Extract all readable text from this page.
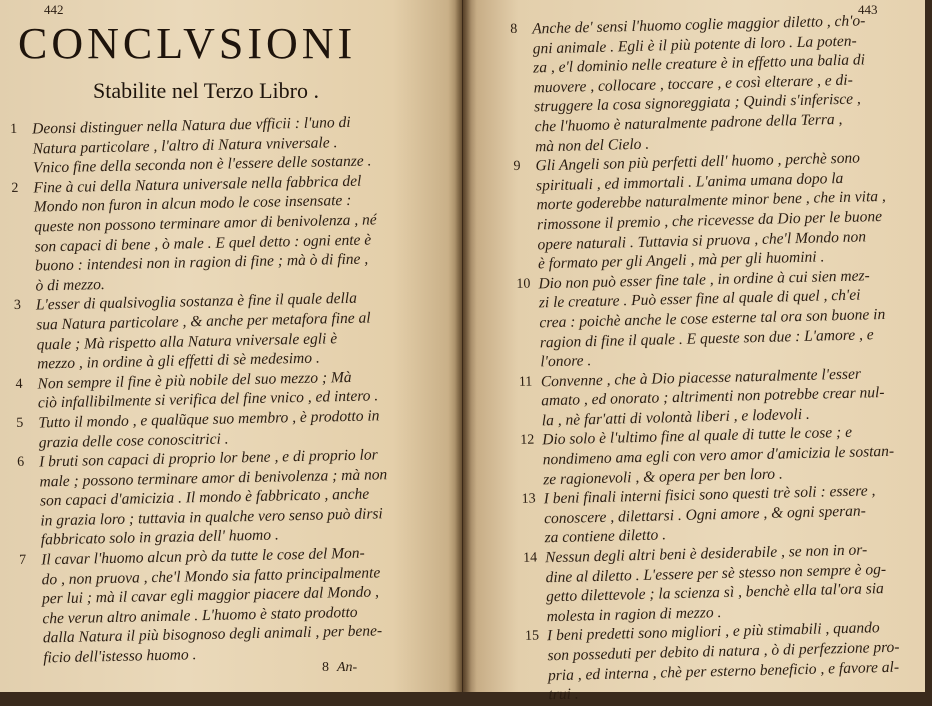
442
CONCLVSIONI
Stabilite nel Terzo Libro .
1 Deonsi distinguer nella Natura due vfficii : l'uno di
Natura particolare , l'altro di Natura vniversale .
Vnico fine della seconda non è l'essere delle sostanze .
2 Fine à cui della Natura universale nella fabbrica del
Mondo non furon in alcun modo le cose insensate :
queste non possono terminare amor di benivolenza , né
son capaci di bene , ò male . E quel detto : ogni ente è
buono : intendesi non in ragion di fine ; mà ò di fine ,
ò di mezzo.
3 L'esser di qualsivoglia sostanza è fine il quale della
sua Natura particolare , & anche per metafora fine al
quale ; Mà rispetto alla Natura vniversale egli è
mezzo , in ordine à gli effetti di sè medesimo .
4 Non sempre il fine è più nobile del suo mezzo ; Mà
ciò infallibilmente si verifica del fine vnico , ed intero .
5 Tutto il mondo , e qualũque suo membro , è prodotto in
grazia delle cose conoscitrici .
6 I bruti son capaci di proprio lor bene , e di proprio lor
male ; possono terminare amor di benivolenza ; mà non
son capaci d'amicizia . Il mondo è fabbricato , anche
in grazia loro ; tuttavia in qualche vero senso può dirsi
fabbricato solo in grazia dell' huomo .
7 Il cavar l'huomo alcun prò da tutte le cose del Mon-
do , non pruova , che'l Mondo sia fatto principalmente
per lui ; mà il cavar egli maggior piacere dal Mondo ,
che verun altro animale . L'huomo è stato prodotto
dalla Natura il più bisognoso degli animali , per bene-
ficio dell'istesso huomo .
8 An-
443
8 Anche de' sensi l'huomo coglie maggior diletto , ch'o-
gni animale . Egli è il più potente di loro . La poten-
za , e'l dominio nelle creature è in effetto una balia di
muovere , collocare , toccare , e così elterare , e di-
struggere la cosa signoreggiata ; Quindi s'inferisce ,
che l'huomo è naturalmente padrone della Terra ,
mà non del Cielo .
9 Gli Angeli son più perfetti dell' huomo , perchè sono
spirituali , ed immortali . L'anima umana dopo la
morte goderebbe naturalmente minor bene , che in vita ,
rimossone il premio , che ricevesse da Dio per le buone
opere naturali . Tuttavia si pruova , che'l Mondo non
è formato per gli Angeli , mà per gli huomini .
10 Dio non può esser fine tale , in ordine à cui sien mez-
zi le creature . Può esser fine al quale di quel , ch'ei
crea : poichè anche le cose esterne tal ora son buone in
ragion di fine il quale . E queste son due : L'amore , e
l'onore .
11 Convenne , che à Dio piacesse naturalmente l'esser
amato , ed onorato ; altrimenti non potrebbe crear nul-
la , nè far'atti di volontà liberi , e lodevoli .
12 Dio solo è l'ultimo fine al quale di tutte le cose ; e
nondimeno ama egli con vero amor d'amicizia le sostan-
ze ragionevoli , & opera per ben loro .
13 I beni finali interni fisici sono questi trè soli : essere ,
conoscere , dilettarsi . Ogni amore , & ogni speran-
za contiene diletto .
14 Nessun degli altri beni è desiderabile , se non in or-
dine al diletto . L'essere per sè stesso non sempre è og-
getto dilettevole ; la scienza sì , benchè ella tal'ora sia
molesta in ragion di mezzo .
15 I beni predetti sono migliori , e più stimabili , quando
son posseduti per debito di natura , ò di perfezzione pro-
pria , ed interna , chè per esterno beneficio , e favore al-
trui .
